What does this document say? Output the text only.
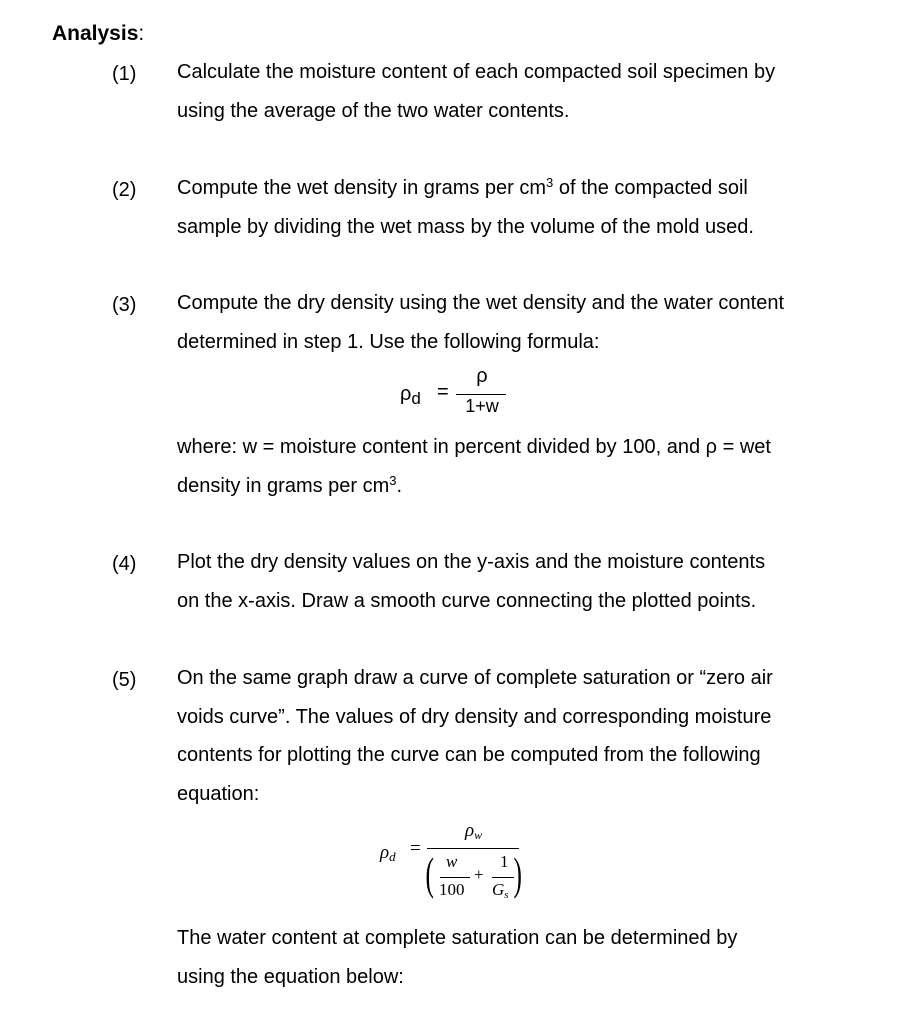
Analysis:
(1) Calculate the moisture content of each compacted soil specimen by

using the average of the two water contents.

(2) Compute the wet density in grams per $cm^3$ of the compacted soil

sample by dividing the wet mass by the volume of the mold used.

(3) Compute the dry density using the wet density and the water content

determined in step 1. Use the following formula:

$\rho_d$ =
ρ
1+w

where: w = moisture content in percent divided by 100, and ρ = wet

density in grams per $cm^3$.

(4) Plot the dry density values on the y-axis and the moisture contents

on the x-axis. Draw a smooth curve connecting the plotted points.

(5) On the same graph draw a curve of complete saturation or “zero air

voids curve”. The values of dry density and corresponding moisture

contents for plotting the curve can be computed from the following

equation:

$\rho_d$ =
$\rho_w$
( w
100
+
1
$G_s$ )

The water content at complete saturation can be determined by

using the equation below:
